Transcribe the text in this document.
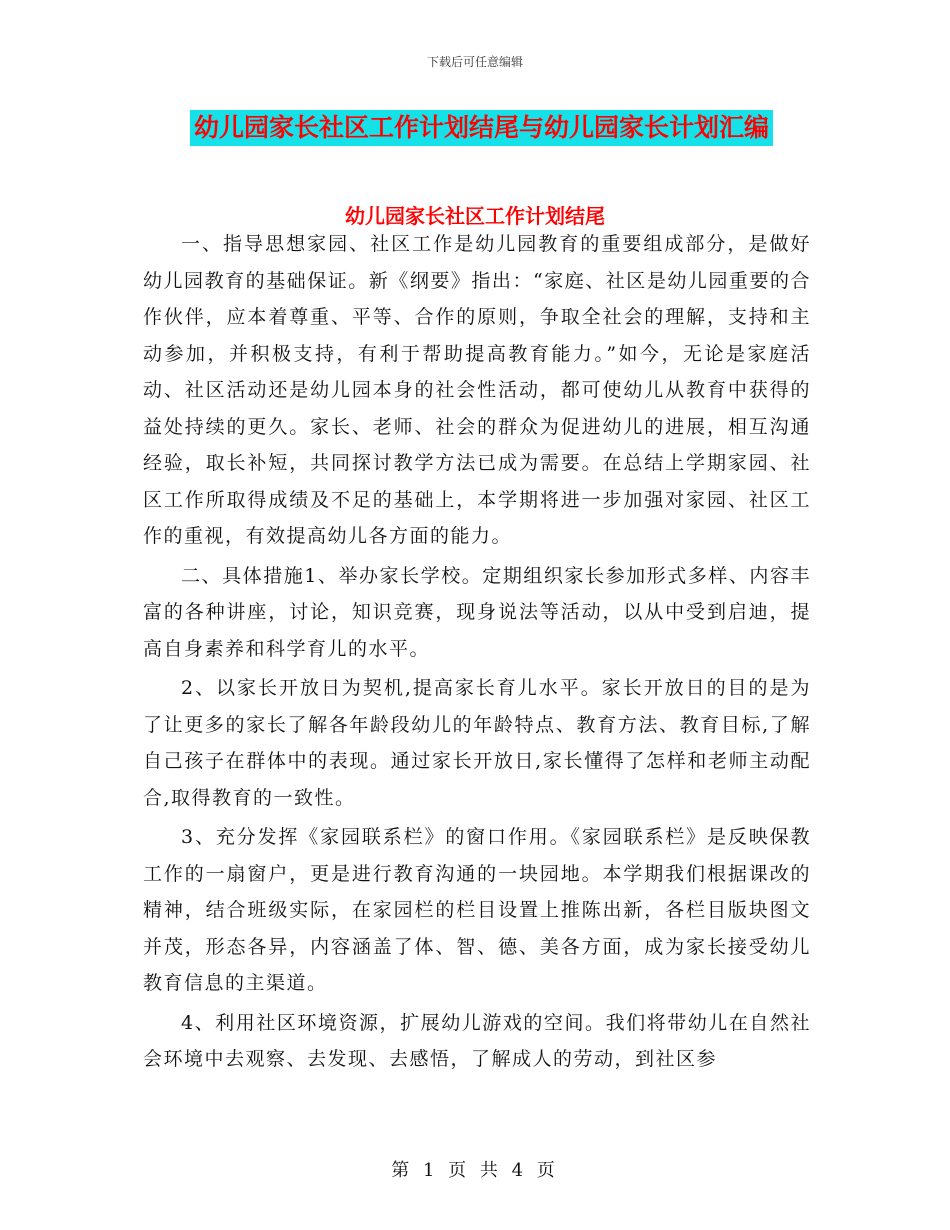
下载后可任意编辑
幼儿园家长社区工作计划结尾与幼儿园家长计划汇编
幼儿园家长社区工作计划结尾

一、指导思想家园、社区工作是幼儿园教育的重要组成部分，是做好幼儿园教育的基础保证。新《纲要》指出：“家庭、社区是幼儿园重要的合作伙伴，应本着尊重、平等、合作的原则，争取全社会的理解，支持和主动参加，并积极支持，有利于帮助提高教育能力。”如今，无论是家庭活动、社区活动还是幼儿园本身的社会性活动，都可使幼儿从教育中获得的益处持续的更久。家长、老师、社会的群众为促进幼儿的进展，相互沟通经验，取长补短，共同探讨教学方法已成为需要。在总结上学期家园、社区工作所取得成绩及不足的基础上，本学期将进一步加强对家园、社区工作的重视，有效提高幼儿各方面的能力。

二、具体措施1、举办家长学校。定期组织家长参加形式多样、内容丰富的各种讲座，讨论，知识竞赛，现身说法等活动，以从中受到启迪，提高自身素养和科学育儿的水平。

2、以家长开放日为契机,提高家长育儿水平。家长开放日的目的是为了让更多的家长了解各年龄段幼儿的年龄特点、教育方法、教育目标,了解自己孩子在群体中的表现。通过家长开放日,家长懂得了怎样和老师主动配合,取得教育的一致性。

3、充分发挥《家园联系栏》的窗口作用。《家园联系栏》是反映保教工作的一扇窗户，更是进行教育沟通的一块园地。本学期我们根据课改的精神，结合班级实际，在家园栏的栏目设置上推陈出新，各栏目版块图文并茂，形态各异，内容涵盖了体、智、德、美各方面，成为家长接受幼儿教育信息的主渠道。

4、利用社区环境资源，扩展幼儿游戏的空间。我们将带幼儿在自然社会环境中去观察、去发现、去感悟，了解成人的劳动，到社区参

第 1 页 共 4 页
